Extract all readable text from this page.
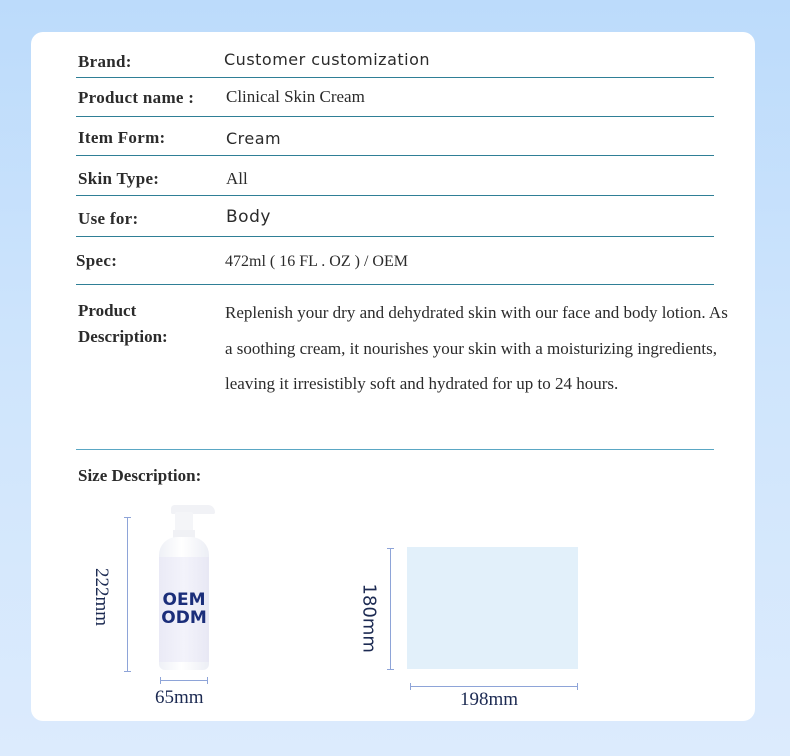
Brand:	Customer customization
Product name : Clinical Skin Cream
Item Form:	Cream
Skin Type:	All
Use for:	Body
Spec:	472ml ( 16 FL . OZ ) / OEM
Product
Description:
Replenish your dry and dehydrated skin with our face and body lotion. As a soothing cream, it nourishes your skin with a moisturizing ingredients, leaving it irresistibly soft and hydrated for up to 24 hours.
Size Description:
222mm	OEM
ODM
65mm
180mm
198mm
